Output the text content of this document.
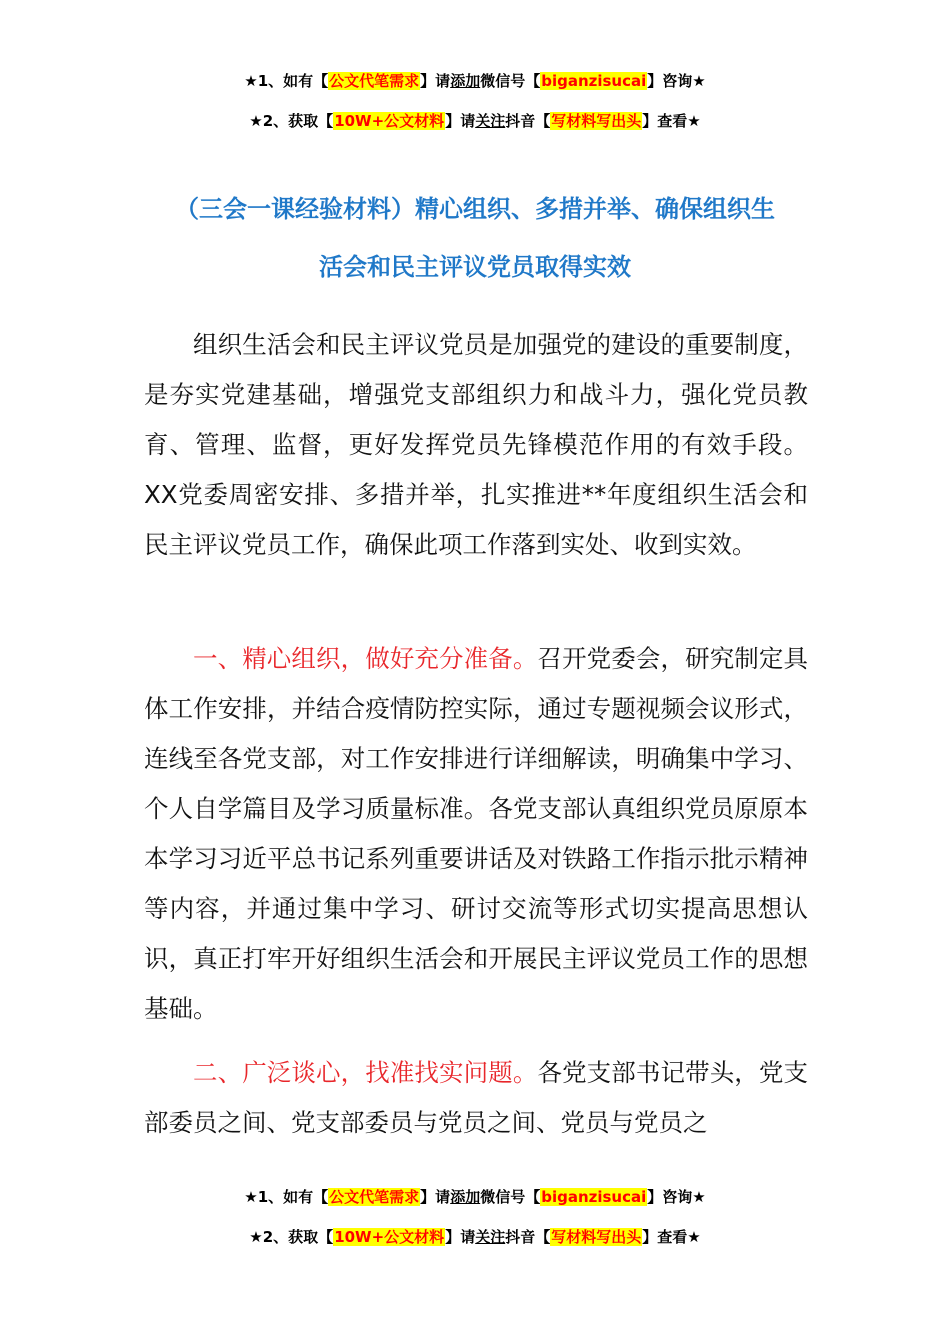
★1、如有【公文代笔需求】请添加微信号【biganzisucai】咨询★
★2、获取【10W+公文材料】请关注抖音【写材料写出头】查看★
（三会一课经验材料）精心组织、多措并举、确保组织生
活会和民主评议党员取得实效

组织生活会和民主评议党员是加强党的建设的重要制度，是夯实党建基础，增强党支部组织力和战斗力，强化党员教育、管理、监督，更好发挥党员先锋模范作用的有效手段。XX党委周密安排、多措并举，扎实推进**年度组织生活会和民主评议党员工作，确保此项工作落到实处、收到实效。

一、精心组织，做好充分准备。召开党委会，研究制定具体工作安排，并结合疫情防控实际，通过专题视频会议形式，连线至各党支部，对工作安排进行详细解读，明确集中学习、个人自学篇目及学习质量标准。各党支部认真组织党员原原本本学习习近平总书记系列重要讲话及对铁路工作指示批示精神等内容，并通过集中学习、研讨交流等形式切实提高思想认识，真正打牢开好组织生活会和开展民主评议党员工作的思想基础。

二、广泛谈心，找准找实问题。各党支部书记带头，党支部委员之间、党支部委员与党员之间、党员与党员之

★1、如有【公文代笔需求】请添加微信号【biganzisucai】咨询★
★2、获取【10W+公文材料】请关注抖音【写材料写出头】查看★
